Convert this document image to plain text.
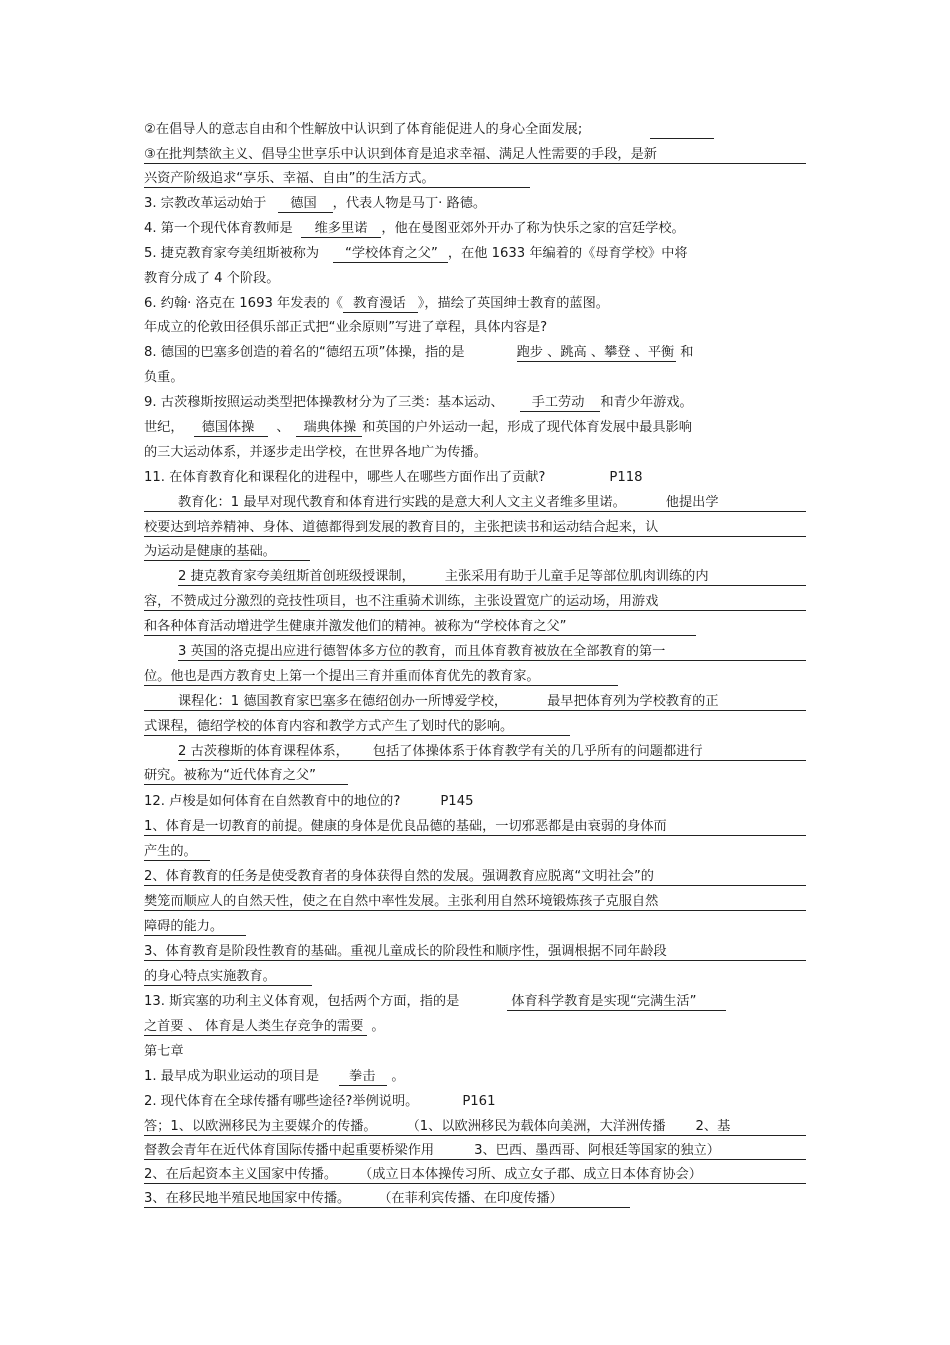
②在倡导人的意志自由和个性解放中认识到了体育能促进人的身心全面发展;
③在批判禁欲主义、倡导尘世享乐中认识到体育是追求幸福、满足人性需要的手段，是新
兴资产阶级追求“享乐、幸福、自由”的生活方式。
3. 宗教改革运动始于 德国 ，代表人物是马丁· 路德。
4. 第一个现代体育教师是 维多里诺 ，他在曼图亚郊外开办了称为快乐之家的宫廷学校。
5. 捷克教育家夸美纽斯被称为 “学校体育之父” ，在他 1633 年编着的《母育学校》中将
教育分成了 4 个阶段。
6. 约翰· 洛克在 1693 年发表的《 教育漫话 》，描绘了英国绅士教育的蓝图。
年成立的伦敦田径俱乐部正式把“业余原则”写进了章程，具体内容是?
8. 德国的巴塞多创造的着名的“德绍五项”体操，指的是	跑步 、跳高 、攀登 、平衡 和
负重。
9. 古茨穆斯按照运动类型把体操教材分为了三类：基本运动、 手工劳动 和青少年游戏。
世纪， 德国体操 、 瑞典体操 和英国的户外运动一起，形成了现代体育发展中最具影响
的三大运动体系，并逐步走出学校，在世界各地广为传播。
11. 在体育教育化和课程化的进程中，哪些人在哪些方面作出了贡献?	P118
教育化：1 最早对现代教育和体育进行实践的是意大利人文主义者维多里诺。	他提出学
校要达到培养精神、身体、道德都得到发展的教育目的，主张把读书和运动结合起来，认
为运动是健康的基础。
2 捷克教育家夸美纽斯首创班级授课制， 主张采用有助于儿童手足等部位肌肉训练的内
容，不赞成过分激烈的竞技性项目，也不注重骑术训练，主张设置宽广的运动场，用游戏
和各种体育活动增进学生健康并激发他们的精神。被称为“学校体育之父”
3 英国的洛克提出应进行德智体多方位的教育，而且体育教育被放在全部教育的第一
位。他也是西方教育史上第一个提出三育并重而体育优先的教育家。
课程化：1 德国教育家巴塞多在德绍创办一所博爱学校，	最早把体育列为学校教育的正
式课程，德绍学校的体育内容和教学方式产生了划时代的影响。
2 古茨穆斯的体育课程体系， 包括了体操体系于体育教学有关的几乎所有的问题都进行
研究。被称为“近代体育之父”
12. 卢梭是如何体育在自然教育中的地位的?	P145
1、体育是一切教育的前提。健康的身体是优良品德的基础，一切邪恶都是由衰弱的身体而
产生的。
2、体育教育的任务是使受教育者的身体获得自然的发展。强调教育应脱离“文明社会”的
樊笼而顺应人的自然天性，使之在自然中率性发展。主张利用自然环境锻炼孩子克服自然
障碍的能力。
3、体育教育是阶段性教育的基础。重视儿童成长的阶段性和顺序性，强调根据不同年龄段
的身心特点实施教育。
13. 斯宾塞的功利主义体育观，包括两个方面，指的是	体育科学教育是实现“完满生活”
之首要 、 体育是人类生存竞争的需要 。
第七章
1. 最早成为职业运动的项目是 拳击 。
2. 现代体育在全球传播有哪些途径?举例说明。	P161
答；1、以欧洲移民为主要媒介的传播。 （1、以欧洲移民为载体向美洲，大洋洲传播 2、基
督教会青年在近代体育国际传播中起重要桥梁作用	3、巴西、墨西哥、阿根廷等国家的独立）
2、在后起资本主义国家中传播。 （成立日本体操传习所、成立女子郡、成立日本体育协会）
3、在移民地半殖民地国家中传播。 （在菲利宾传播、在印度传播）
